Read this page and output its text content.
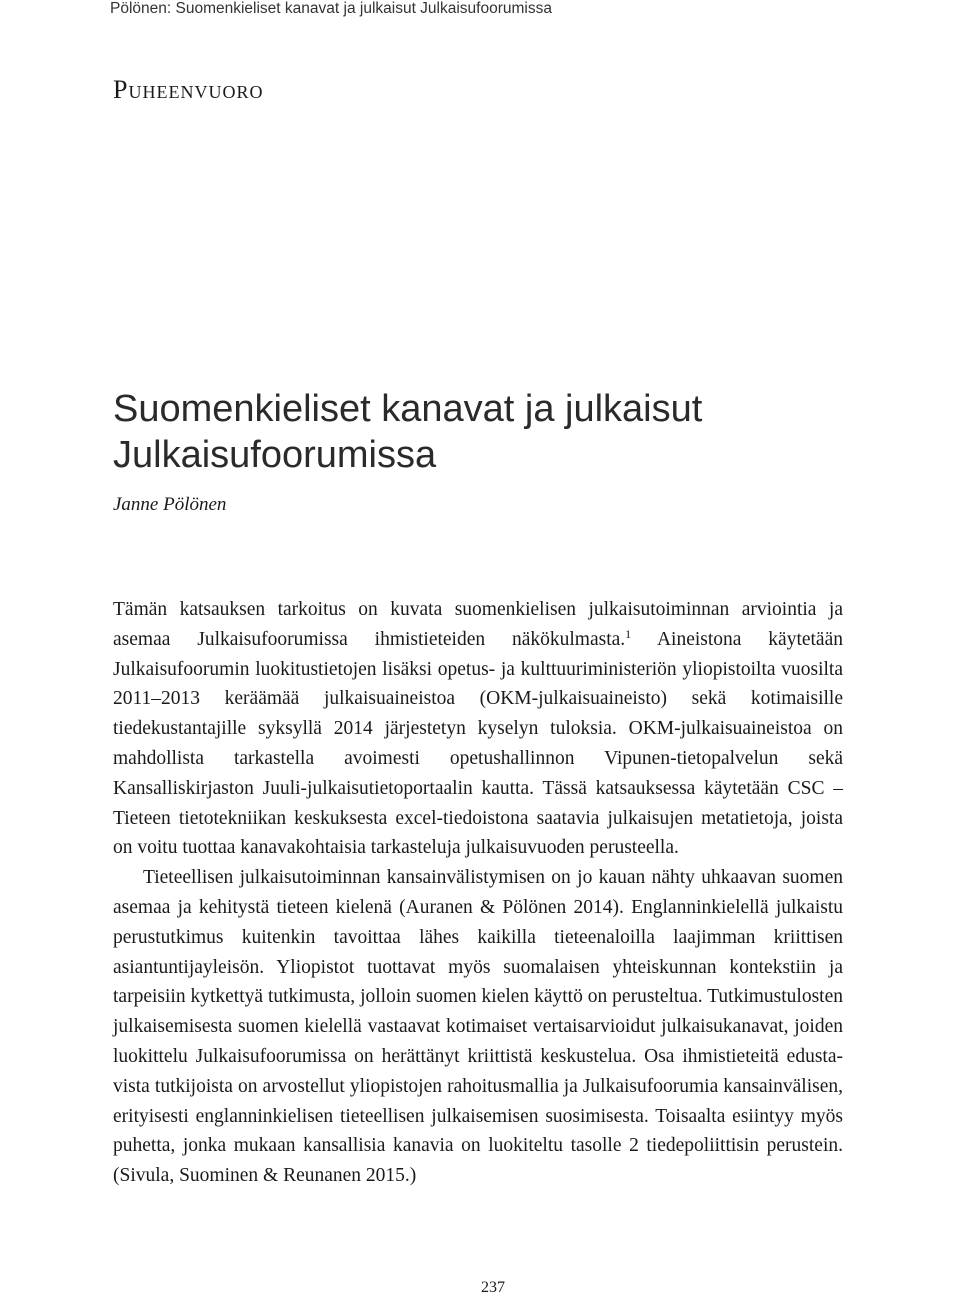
Pölönen: Suomenkieliset kanavat ja julkaisut Julkaisufoorumissa
Puheenvuoro
Suomenkieliset kanavat ja julkaisut
Julkaisufoorumissa
Janne Pölönen

Tämän katsauksen tarkoitus on kuvata suomenkielisen julkaisutoiminnan arviointia ja asemaa Julkaisufoorumissa ihmistieteiden näkökulmasta.$^1$ Aineistona käytetään Julkaisufoorumin luokitustietojen lisäksi opetus- ja kulttuuriministeriön yliopistoilta vuosilta 2011–2013 keräämää julkaisuaineistoa (OKM-julkaisuaineisto) sekä kotimaisille tiedekustantajille syksyllä 2014 järjestetyn kyselyn tuloksia. OKM-julkaisuaineistoa on mahdollista tarkastella avoimesti opetushallinnon Vipunen-tietopalvelun sekä Kansalliskirjaston Juuli-julkaisutietoportaalin kautta. Tässä katsauksessa käytetään CSC – Tieteen tietotekniikan keskuksesta excel-tiedoistona saatavia julkaisujen metatietoja, joista on voitu tuottaa kanavakohtaisia tarkasteluja julkaisuvuoden perusteella.

Tieteellisen julkaisutoiminnan kansainvälistymisen on jo kauan nähty uhkaavan suomen asemaa ja kehitystä tieteen kielenä (Auranen & Pölönen 2014). Englanninkielellä julkaistu perustutkimus kuitenkin tavoittaa lähes kaikilla tieteenaloilla laajimman kriittisen asiantuntijayleisön. Yliopistot tuottavat myös suomalaisen yhteiskunnan kontekstiin ja tarpeisiin kytkettyä tutkimusta, jolloin suomen kielen käyttö on perusteltua. Tutkimustulosten julkaisemisesta suomen kielellä vastaavat kotimaiset vertaisarvioidut julkaisukanavat, joiden luokittelu Julkaisufoorumissa on herättänyt kriittistä keskustelua. Osa ihmistieteitä edustavista tutkijoista on arvostellut yliopistojen rahoitusmallia ja Julkaisufoorumia kansainvälisen, erityisesti englanninkielisen tieteellisen julkaisemisen suosimisesta. Toisaalta esiintyy myös puhetta, jonka mukaan kansallisia kanavia on luokiteltu tasolle 2 tiedepoliittisin perustein. (Sivula, Suominen & Reunanen 2015.)

237
